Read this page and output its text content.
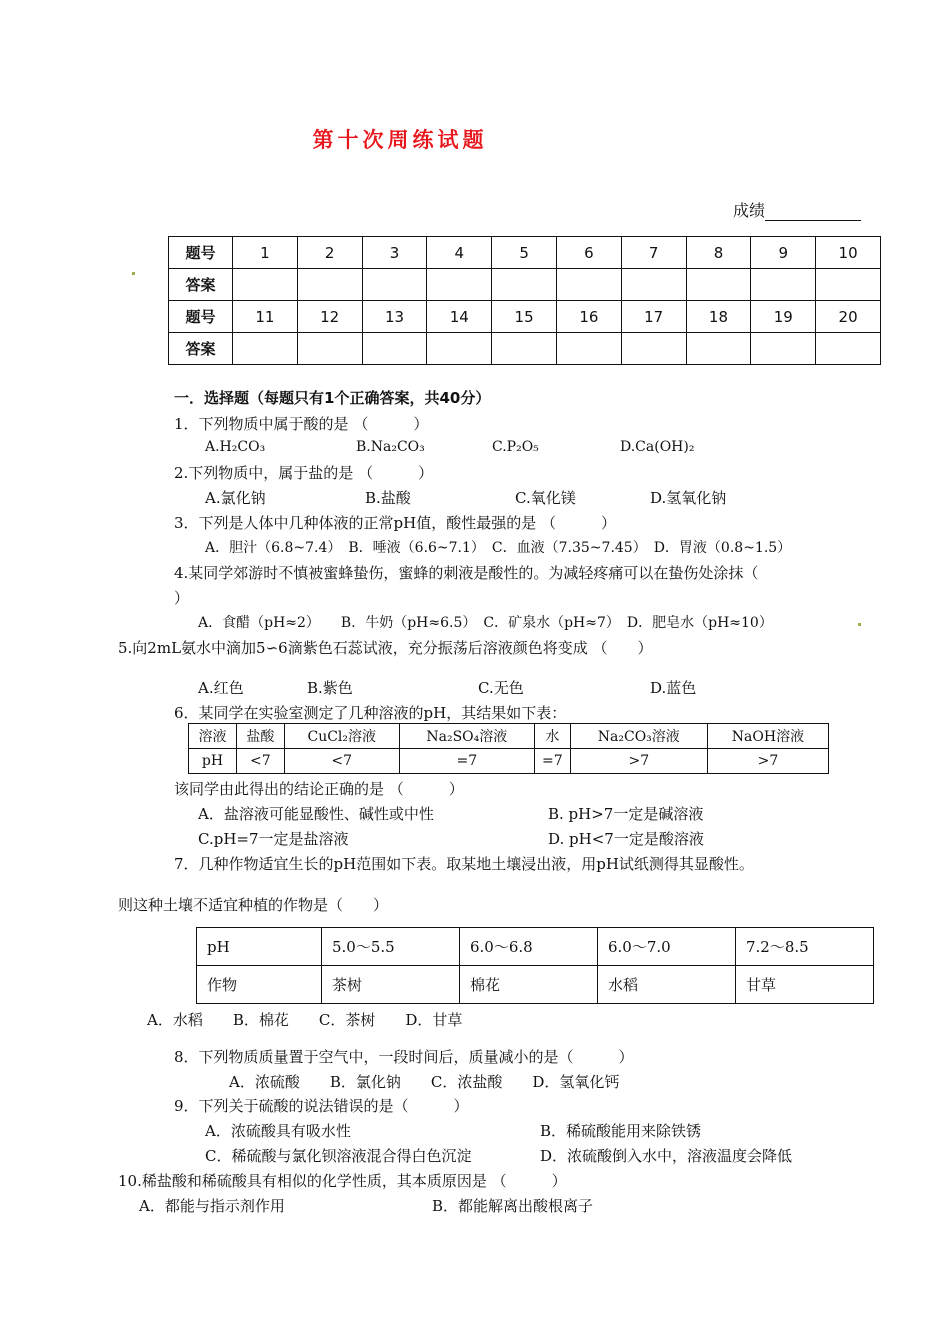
第十次周练试题
成绩
题号	1	2	3	4	5	6	7	8	9	10
答案										
题号	11	12	13	14	15	16	17	18	19	20
答案										
一．选择题（每题只有1个正确答案，共40分）
1．下列物质中属于酸的是 （　　　）
A.H₂CO₃	B.Na₂CO₃	C.P₂O₅	D.Ca(OH)₂
2.下列物质中，属于盐的是 （　　　）
A.氯化钠	B.盐酸	C.氧化镁	D.氢氧化钠
3．下列是人体中几种体液的正常pH值，酸性最强的是 （　　　）
A．胆汁（6.8~7.4）　B．唾液（6.6~7.1）　C．血液（7.35~7.45）　D．胃液（0.8~1.5）
4.某同学郊游时不慎被蜜蜂蛰伤，蜜蜂的刺液是酸性的。为减轻疼痛可以在蛰伤处涂抹（
）
A．食醋（pH≈2）　　B．牛奶（pH≈6.5）　C．矿泉水（pH≈7）　D．肥皂水（pH≈10）
5.向2mL氨水中滴加5∽6滴紫色石蕊试液，充分振荡后溶液颜色将变成 （　　）
A.红色	B.紫色	C.无色	D.蓝色
6．某同学在实验室测定了几种溶液的pH，其结果如下表：
溶液	盐酸	CuCl₂溶液	Na₂SO₄溶液	水	Na₂CO₃溶液	NaOH溶液
pH	<7	<7	=7	=7	>7	>7
该同学由此得出的结论正确的是 （　　　）
A．盐溶液可能显酸性、碱性或中性	B. pH>7一定是碱溶液
C.pH=7一定是盐溶液	D. pH<7一定是酸溶液
7．几种作物适宜生长的pH范围如下表。取某地土壤浸出液，用pH试纸测得其显酸性。
则这种土壤不适宜种植的作物是（　　）
pH	5.0～5.5	6.0～6.8	6.0～7.0	7.2～8.5
作物	茶树	棉花	水稻	甘草
A．水稻　　B．棉花　　C．茶树　　D．甘草
8．下列物质质量置于空气中，一段时间后，质量减小的是（　　　）
A．浓硫酸　　B．氯化钠　　C．浓盐酸　　D．氢氧化钙
9．下列关于硫酸的说法错误的是（　　　）
A．浓硫酸具有吸水性	B．稀硫酸能用来除铁锈
C．稀硫酸与氯化钡溶液混合得白色沉淀	D．浓硫酸倒入水中，溶液温度会降低
10.稀盐酸和稀硫酸具有相似的化学性质，其本质原因是 （　　　）
A．都能与指示剂作用	B．都能解离出酸根离子
